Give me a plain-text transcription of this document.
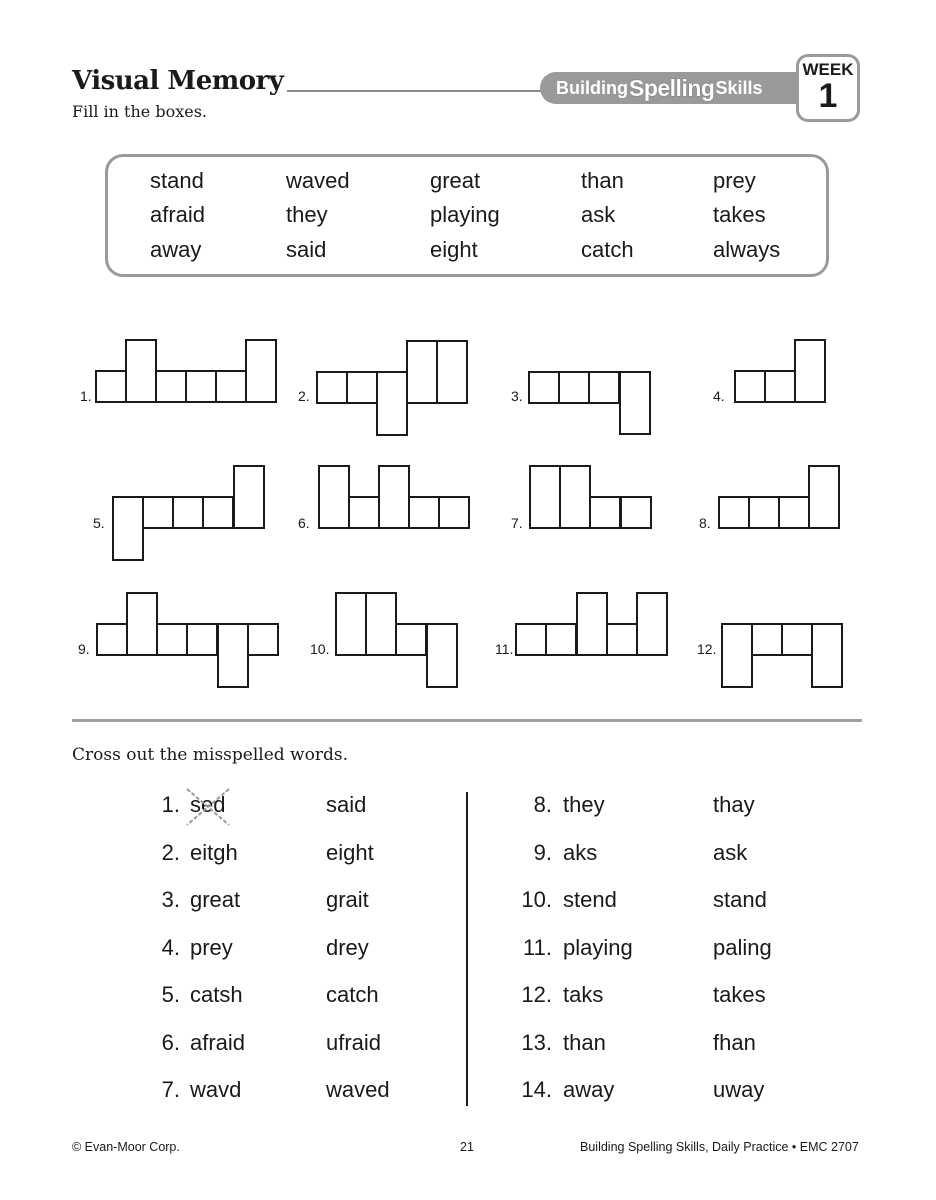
Visual Memory	Building Spelling Skills
WEEK
1
Fill in the boxes.
stand	waved	great	than	prey
afraid	they	playing	ask	takes
away	said	eight	catch	always
1.	2.	3.	4.
5.	6.	7.	8.
9.	10.	11.	12.
Cross out the misspelled words.
1. sed	said
2. eitgh	eight
3. great	grait
4. prey	drey
5. catsh	catch
6. afraid	ufraid
7. wavd	waved
8. they	thay
9. aks	ask
10. stend	stand
11. playing	paling
12. taks	takes
13. than	fhan
14. away	uway
© Evan-Moor Corp.	21	Building Spelling Skills, Daily Practice • EMC 2707
